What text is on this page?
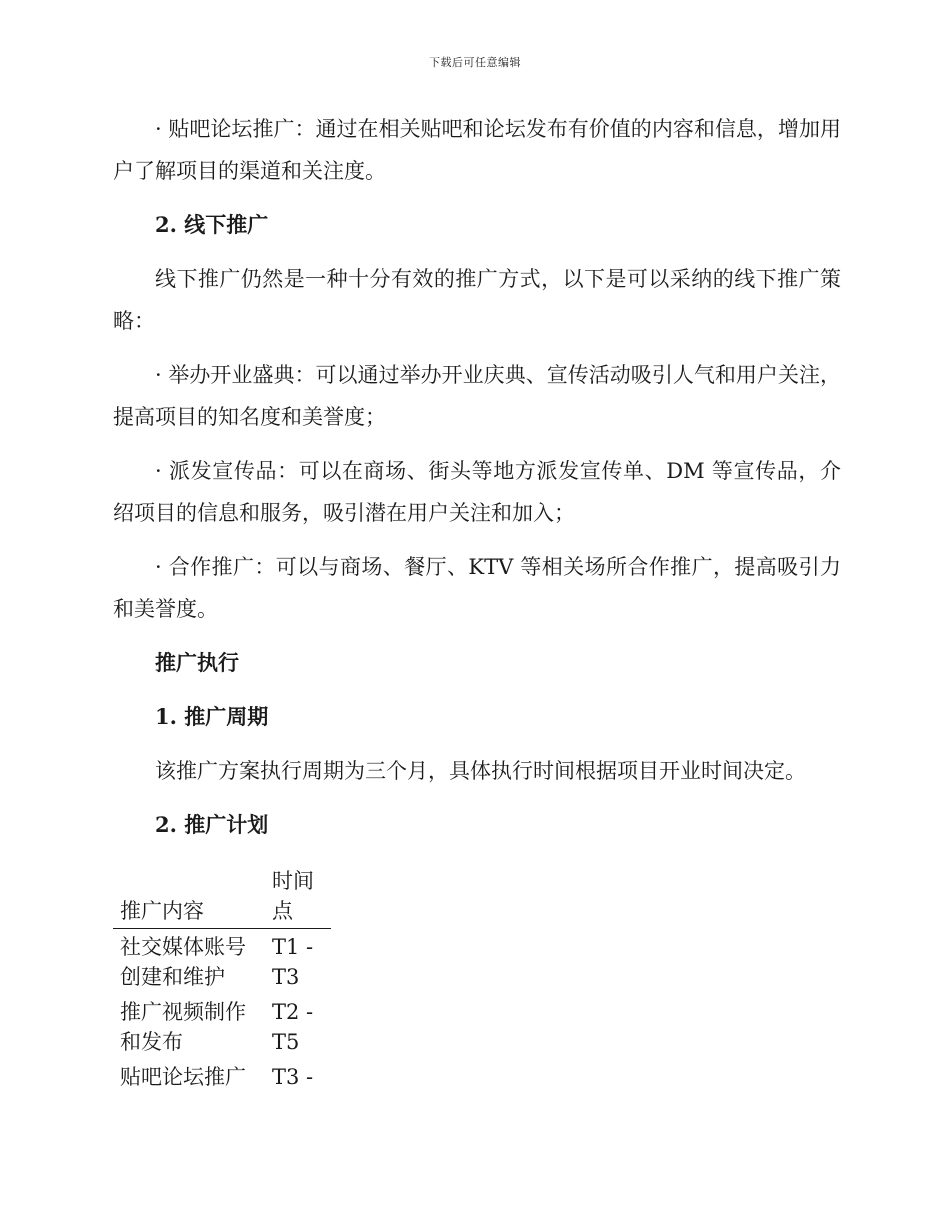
下载后可任意编辑

· 贴吧论坛推广：通过在相关贴吧和论坛发布有价值的内容和信息，增加用户了解项目的渠道和关注度。

2. 线下推广

线下推广仍然是一种十分有效的推广方式，以下是可以采纳的线下推广策略：

· 举办开业盛典：可以通过举办开业庆典、宣传活动吸引人气和用户关注，提高项目的知名度和美誉度；

· 派发宣传品：可以在商场、街头等地方派发宣传单、DM 等宣传品，介绍项目的信息和服务，吸引潜在用户关注和加入；

· 合作推广：可以与商场、餐厅、KTV 等相关场所合作推广，提高吸引力和美誉度。

推广执行
1. 推广周期

该推广方案执行周期为三个月，具体执行时间根据项目开业时间决定。

2. 推广计划
推广内容	时间点

社交媒体账号创建和维护	T1 - T3

推广视频制作和发布	T2 - T5

贴吧论坛推广	T3 -
